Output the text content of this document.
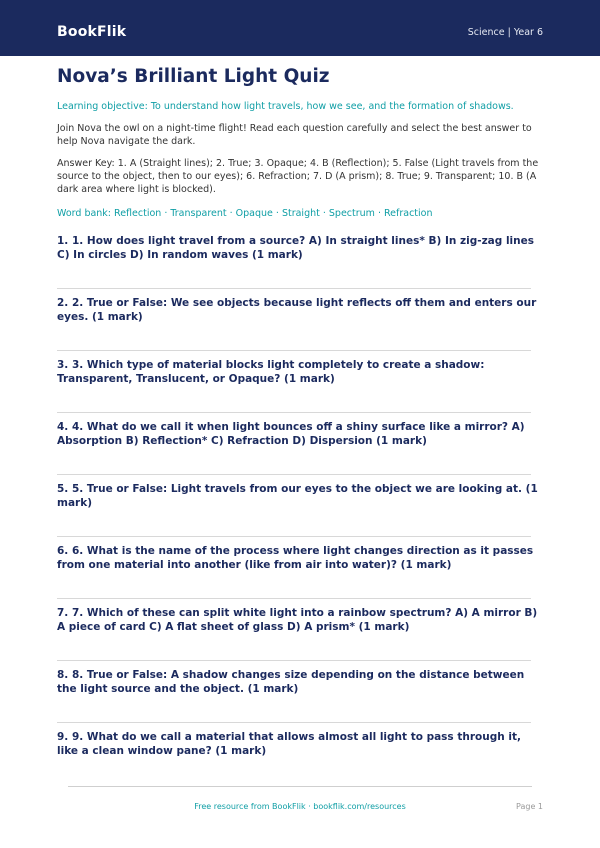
BookFlik	Science | Year 6
Nova’s Brilliant Light Quiz

Learning objective: To understand how light travels, how we see, and the formation of shadows.

Join Nova the owl on a night-time flight! Read each question carefully and select the best answer to help Nova navigate the dark.

Answer Key: 1. A (Straight lines); 2. True; 3. Opaque; 4. B (Reflection); 5. False (Light travels from the source to the object, then to our eyes); 6. Refraction; 7. D (A prism); 8. True; 9. Transparent; 10. B (A dark area where light is blocked).

Word bank: Reflection · Transparent · Opaque · Straight · Spectrum · Refraction

1. 1. How does light travel from a source? A) In straight lines* B) In zig-zag lines C) In circles D) In random waves (1 mark)

2. 2. True or False: We see objects because light reflects off them and enters our eyes. (1 mark)

3. 3. Which type of material blocks light completely to create a shadow: Transparent, Translucent, or Opaque? (1 mark)

4. 4. What do we call it when light bounces off a shiny surface like a mirror? A) Absorption B) Reflection* C) Refraction D) Dispersion (1 mark)

5. 5. True or False: Light travels from our eyes to the object we are looking at. (1 mark)

6. 6. What is the name of the process where light changes direction as it passes from one material into another (like from air into water)? (1 mark)

7. 7. Which of these can split white light into a rainbow spectrum? A) A mirror B) A piece of card C) A flat sheet of glass D) A prism* (1 mark)

8. 8. True or False: A shadow changes size depending on the distance between the light source and the object. (1 mark)

9. 9. What do we call a material that allows almost all light to pass through it, like a clean window pane? (1 mark)

Free resource from BookFlik · bookflik.com/resources	Page 1
